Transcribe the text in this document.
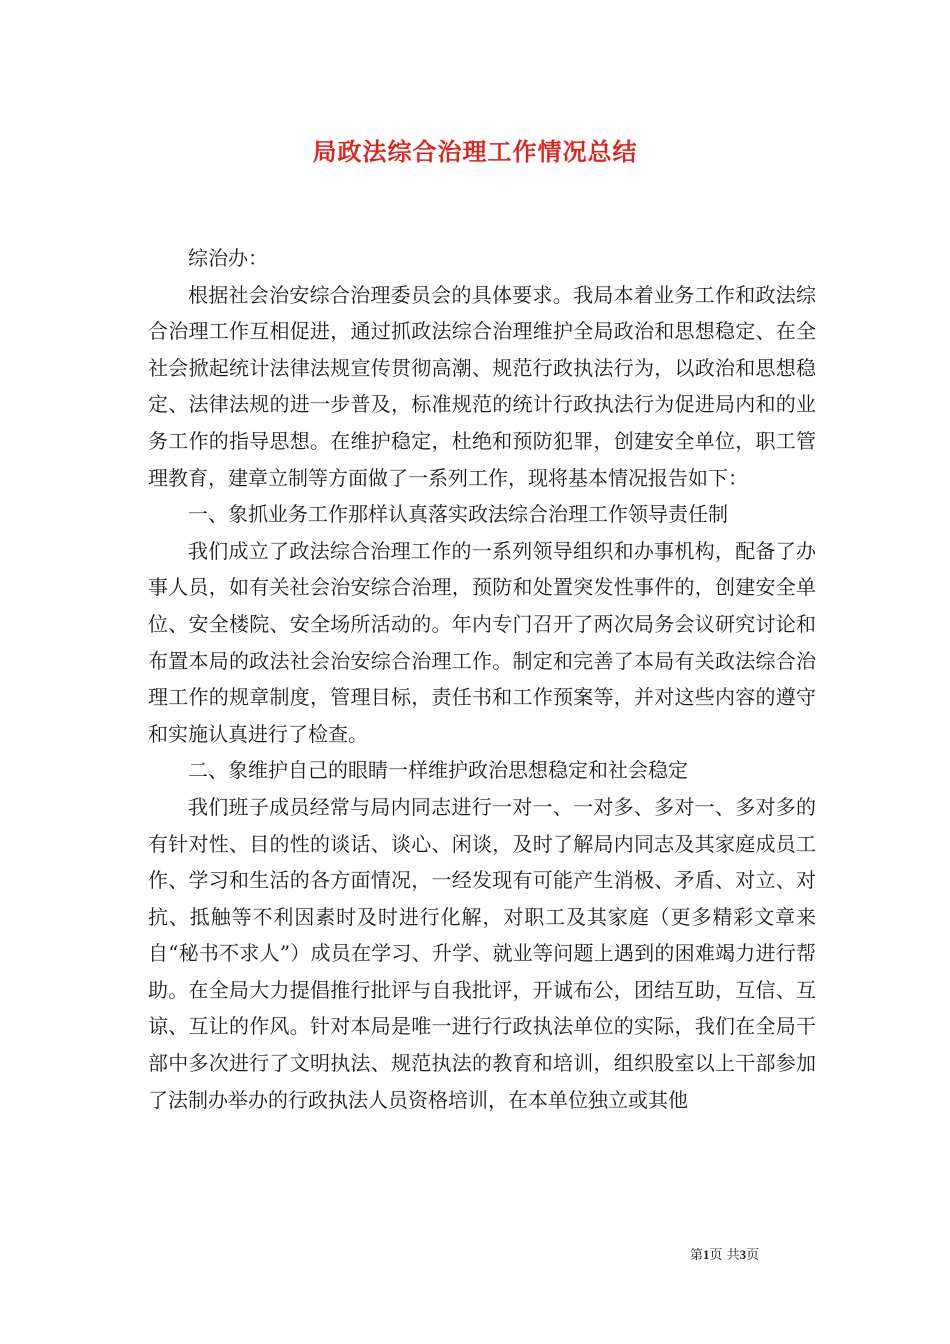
局政法综合治理工作情况总结

综治办：

根据社会治安综合治理委员会的具体要求。我局本着业务工作和政法综合治理工作互相促进，通过抓政法综合治理维护全局政治和思想稳定、在全社会掀起统计法律法规宣传贯彻高潮、规范行政执法行为，以政治和思想稳定、法律法规的进一步普及，标准规范的统计行政执法行为促进局内和的业务工作的指导思想。在维护稳定，杜绝和预防犯罪，创建安全单位，职工管理教育，建章立制等方面做了一系列工作，现将基本情况报告如下：

一、象抓业务工作那样认真落实政法综合治理工作领导责任制

我们成立了政法综合治理工作的一系列领导组织和办事机构，配备了办事人员，如有关社会治安综合治理，预防和处置突发性事件的，创建安全单位、安全楼院、安全场所活动的。年内专门召开了两次局务会议研究讨论和布置本局的政法社会治安综合治理工作。制定和完善了本局有关政法综合治理工作的规章制度，管理目标，责任书和工作预案等，并对这些内容的遵守和实施认真进行了检查。

二、象维护自己的眼睛一样维护政治思想稳定和社会稳定

我们班子成员经常与局内同志进行一对一、一对多、多对一、多对多的有针对性、目的性的谈话、谈心、闲谈，及时了解局内同志及其家庭成员工作、学习和生活的各方面情况，一经发现有可能产生消极、矛盾、对立、对抗、抵触等不利因素时及时进行化解，对职工及其家庭（更多精彩文章来自“秘书不求人”）成员在学习、升学、就业等问题上遇到的困难竭力进行帮助。在全局大力提倡推行批评与自我批评，开诚布公，团结互助，互信、互谅、互让的作风。针对本局是唯一进行行政执法单位的实际，我们在全局干部中多次进行了文明执法、规范执法的教育和培训，组织股室以上干部参加了法制办举办的行政执法人员资格培训，在本单位独立或其他

第1页 共3页
